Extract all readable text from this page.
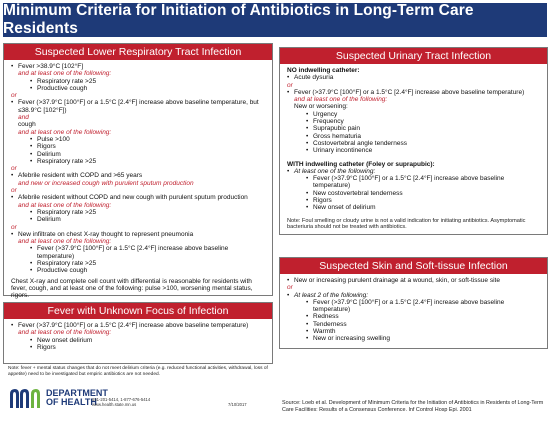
Minimum Criteria for Initiation of Antibiotics in Long-Term Care Residents
Suspected Lower Respiratory Tract Infection
• Fever >38.9°C [102°F]
and at least one of the following:
• Respiratory rate >25
• Productive cough
or
• Fever (>37.9°C [100°F] or a 1.5°C [2.4°F] increase above baseline temperature, but ≤38.9°C [102°F])
and
cough
and at least one of the following:
• Pulse >100
• Rigors
• Delirium
• Respiratory rate >25
or
• Afebrile resident with COPD and >65 years
and new or increased cough with purulent sputum production
or
• Afebrile resident without COPD and new cough with purulent sputum production
and at least one of the following:
• Respiratory rate >25
• Delirium
or
• New infiltrate on chest X-ray thought to represent pneumonia
and at least one of the following:
• Fever (>37.9°C [100°F] or a 1.5°C [2.4°F] increase above baseline temperature)
• Respiratory rate >25
• Productive cough
Chest X-ray and complete cell count with differential is reasonable for residents with fever, cough, and at least one of the following: pulse >100, worsening mental status, rigors.
Fever with Unknown Focus of Infection
• Fever (>37.9°C [100°F] or a 1.5°C [2.4°F] increase above baseline temperature)
and at least one of the following:
• New onset delirium
• Rigors
Note: fever + mental status changes that do not meet delirium criteria (e.g. reduced functional activities, withdrawal, loss of appetite) need to be investigated but empiric antibiotics are not needed.
Suspected Urinary Tract Infection
NO indwelling catheter:
• Acute dysuria
or
• Fever (>37.9°C [100°F] or a 1.5°C [2.4°F] increase above baseline temperature)
and at least one of the following:
New or worsening:
• Urgency
• Frequency
• Suprapubic pain
• Gross hematuria
• Costovertebral angle tenderness
• Urinary incontinence
WITH indwelling catheter (Foley or suprapubic):
• At least one of the following:
• Fever (>37.9°C [100°F] or a 1.5°C [2.4°F] increase above baseline temperature)
• New costovertebral tenderness
• Rigors
• New onset of delirium
Note: Foul smelling or cloudy urine is not a valid indication for initiating antibiotics. Asymptomatic bacteriuria should not be treated with antibiotics.
Suspected Skin and Soft-tissue Infection
• New or increasing purulent drainage at a wound, skin, or soft-tissue site
or
• At least 2 of the following:
• Fever (>37.9°C [100°F] or a 1.5°C [2.4°F] increase above baseline temperature)
• Redness
• Tenderness
• Warmth
• New or increasing swelling
DEPARTMENT
OF HEALTH
651-201-5414, 1-877-676-5414
www.health.state.mn.us	7/10/2017	Source: Loeb et al. Development of Minimum Criteria for the Initiation of Antibiotics in Residents of Long-Term Care Facilities: Results of a Consensus Conference. Inf Control Hosp Epi. 2001
